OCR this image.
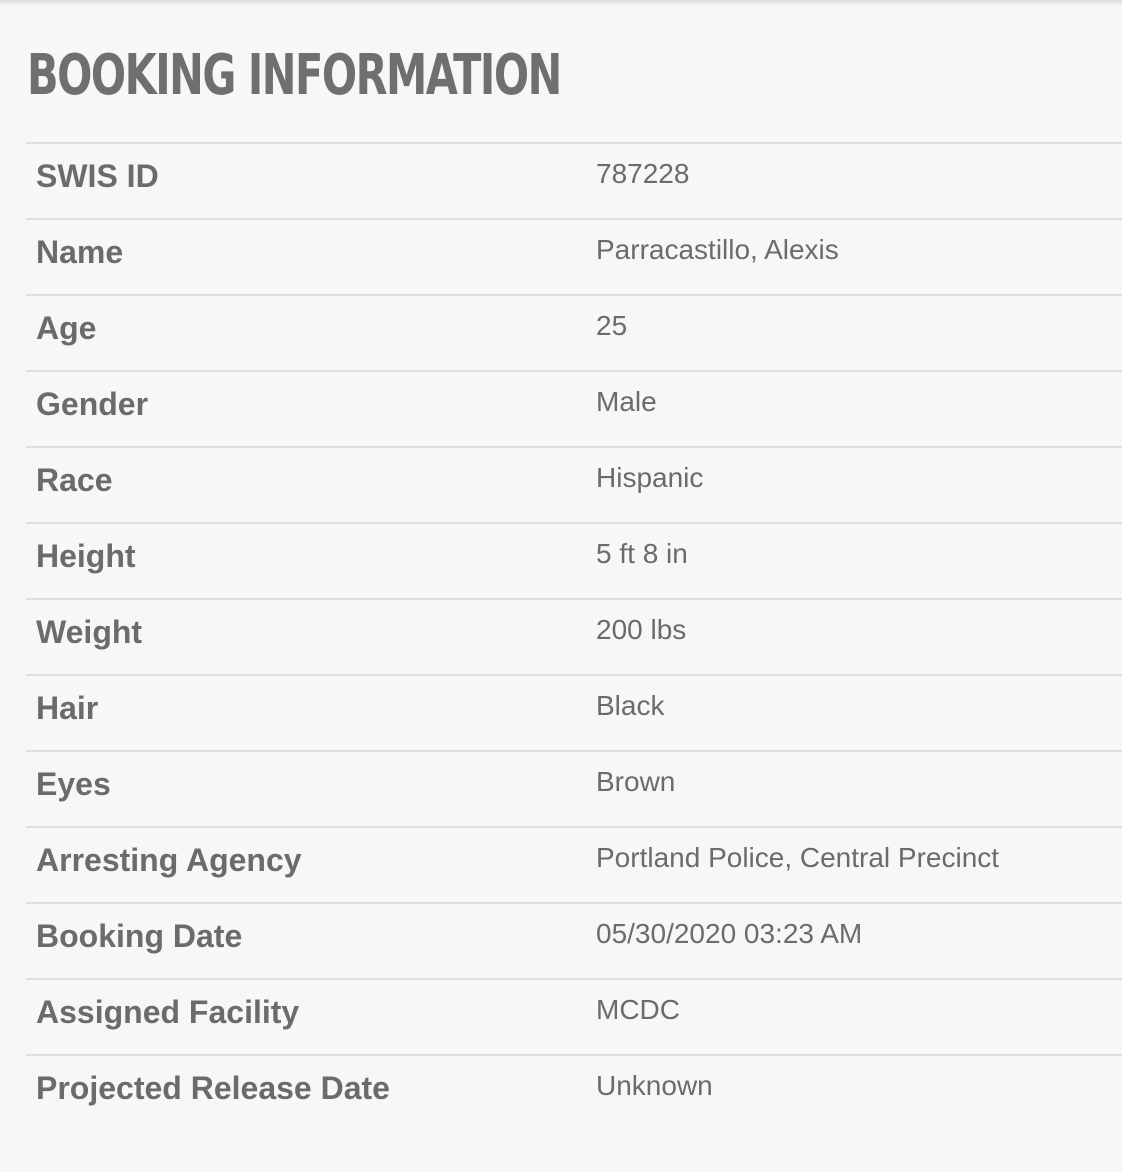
BOOKING INFORMATION
SWIS ID	787228
Name	Parracastillo, Alexis
Age	25
Gender	Male
Race	Hispanic
Height	5 ft 8 in
Weight	200 lbs
Hair	Black
Eyes	Brown
Arresting Agency	Portland Police, Central Precinct
Booking Date	05/30/2020 03:23 AM
Assigned Facility	MCDC
Projected Release Date	Unknown
